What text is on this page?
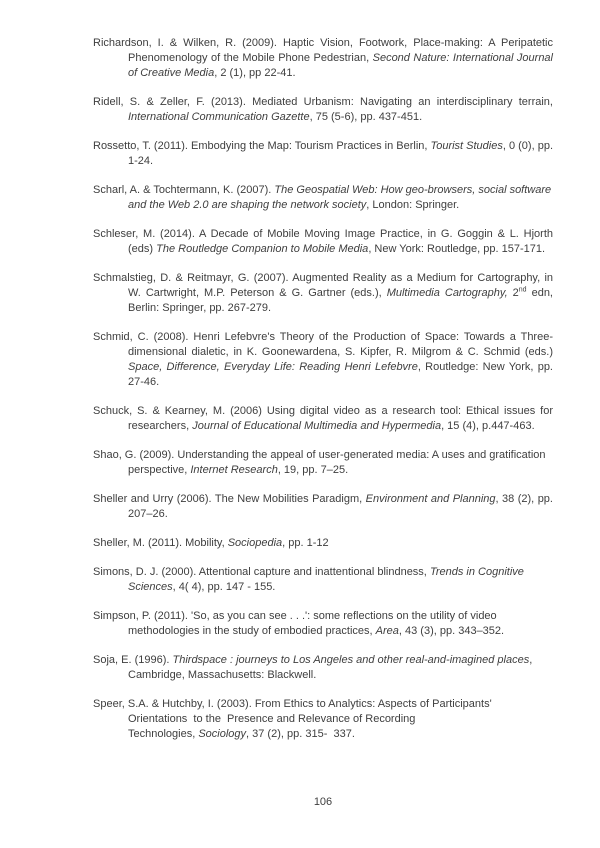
Richardson, I. & Wilken, R. (2009). Haptic Vision, Footwork, Place-making: A Peripatetic Phenomenology of the Mobile Phone Pedestrian, Second Nature: International Journal of Creative Media, 2 (1), pp 22-41.

Ridell, S. & Zeller, F. (2013). Mediated Urbanism: Navigating an interdisciplinary terrain, International Communication Gazette, 75 (5-6), pp. 437-451.

Rossetto, T. (2011). Embodying the Map: Tourism Practices in Berlin, Tourist Studies, 0 (0), pp. 1-24.

Scharl, A. & Tochtermann, K. (2007). The Geospatial Web: How geo-browsers, social software and the Web 2.0 are shaping the network society, London: Springer.

Schleser, M. (2014). A Decade of Mobile Moving Image Practice, in G. Goggin & L. Hjorth (eds) The Routledge Companion to Mobile Media, New York: Routledge, pp. 157-171.

Schmalstieg, D. & Reitmayr, G. (2007). Augmented Reality as a Medium for Cartography, in W. Cartwright, M.P. Peterson & G. Gartner (eds.), Multimedia Cartography, 2nd edn, Berlin: Springer, pp. 267-279.

Schmid, C. (2008). Henri Lefebvre's Theory of the Production of Space: Towards a Three-dimensional dialetic, in K. Goonewardena, S. Kipfer, R. Milgrom & C. Schmid (eds.) Space, Difference, Everyday Life: Reading Henri Lefebvre, Routledge: New York, pp. 27-46.

Schuck, S. & Kearney, M. (2006) Using digital video as a research tool: Ethical issues for researchers, Journal of Educational Multimedia and Hypermedia, 15 (4), p.447-463.

Shao, G. (2009). Understanding the appeal of user-generated media: A uses and gratification perspective, Internet Research, 19, pp. 7–25.

Sheller and Urry (2006). The New Mobilities Paradigm, Environment and Planning, 38 (2), pp. 207–26.

Sheller, M. (2011). Mobility, Sociopedia, pp. 1-12

Simons, D. J. (2000). Attentional capture and inattentional blindness, Trends in Cognitive Sciences, 4( 4), pp. 147 - 155.

Simpson, P. (2011). 'So, as you can see . . .': some reflections on the utility of video methodologies in the study of embodied practices, Area, 43 (3), pp. 343–352.

Soja, E. (1996). Thirdspace : journeys to Los Angeles and other real-and-imagined places, Cambridge, Massachusetts: Blackwell.

Speer, S.A. & Hutchby, I. (2003). From Ethics to Analytics: Aspects of Participants' Orientations  to the  Presence and Relevance of Recording
Technologies, Sociology, 37 (2), pp. 315-  337.

106
